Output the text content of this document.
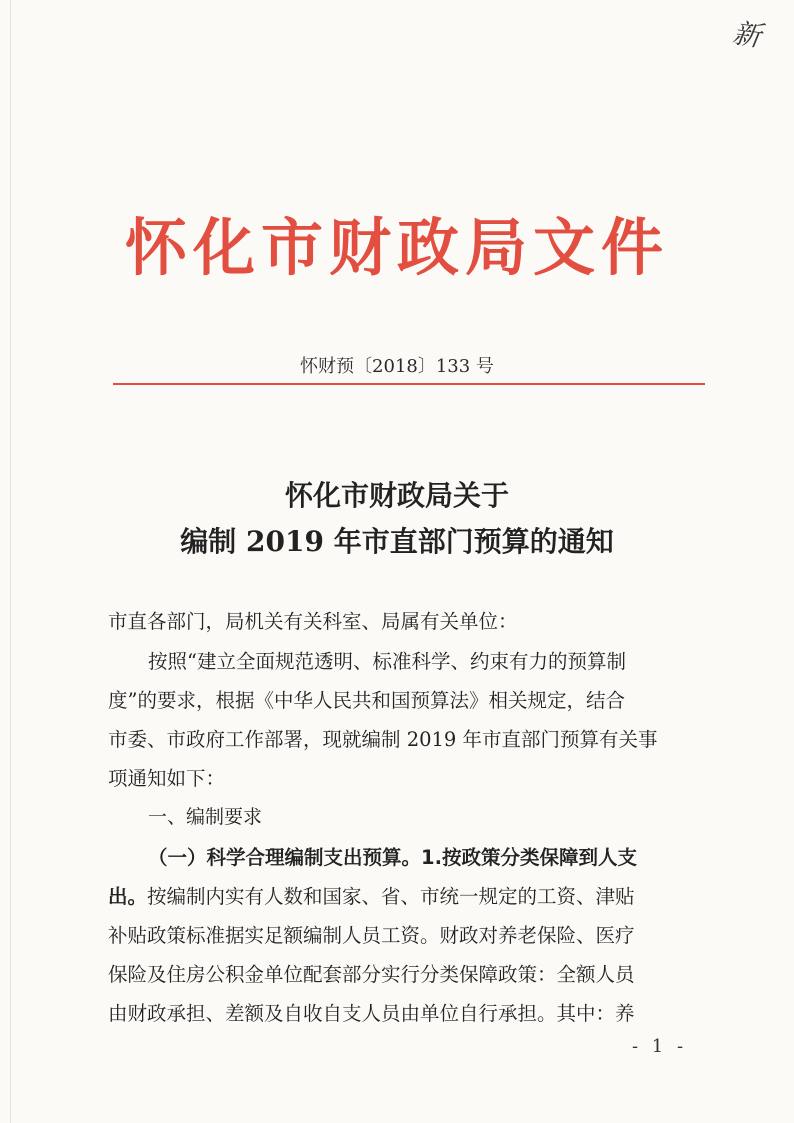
新
怀化市财政局文件
怀财预〔2018〕133 号
怀化市财政局关于
编制 2019 年市直部门预算的通知
市直各部门，局机关有关科室、局属有关单位：
按照“建立全面规范透明、标准科学、约束有力的预算制
度”的要求，根据《中华人民共和国预算法》相关规定，结合
市委、市政府工作部署，现就编制 2019 年市直部门预算有关事
项通知如下：
一、编制要求
（一）科学合理编制支出预算。1.按政策分类保障到人支
出。按编制内实有人数和国家、省、市统一规定的工资、津贴
补贴政策标准据实足额编制人员工资。财政对养老保险、医疗
保险及住房公积金单位配套部分实行分类保障政策：全额人员
由财政承担、差额及自收自支人员由单位自行承担。其中：养
- 1 -
